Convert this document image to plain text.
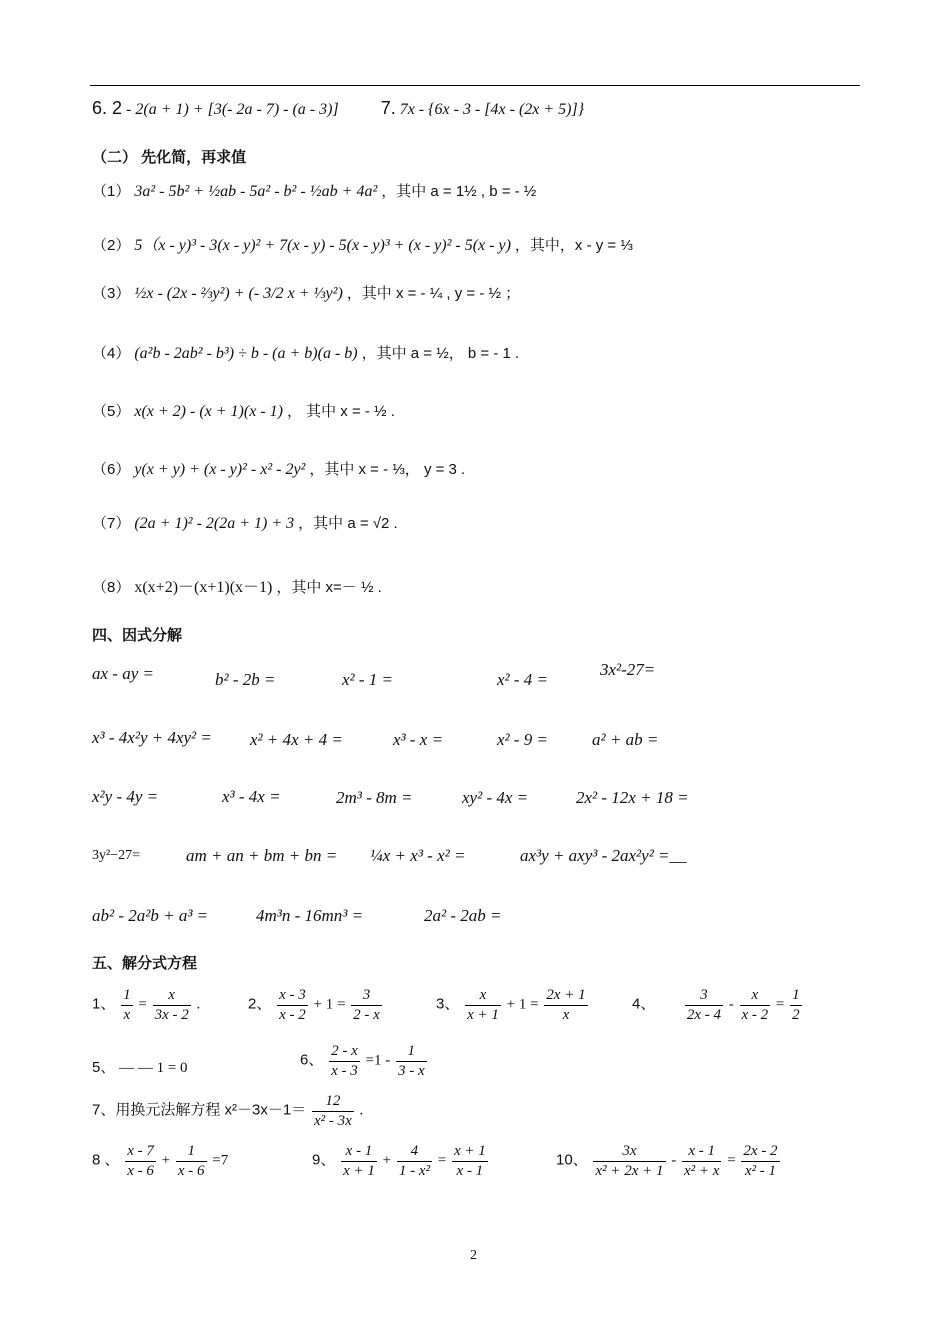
6. 2 - 2(a + 1) + [3(- 2a - 7) - (a - 3)] 7. 7x - {6x - 3 - [4x - (2x + 5)]}
（二） 先化简，再求值
（1） 3a² - 5b² + ½ab - 5a² - b² - ½ab + 4a² ，其中 a = 1½ , b = - ½
（2） 5（x - y)³ - 3(x - y)² + 7(x - y) - 5(x - y)³ + (x - y)² - 5(x - y) ，其中，x - y = ⅓
（3） ½x - (2x - ⅔y²) + (- 3/2 x + ⅓y²) ，其中 x = - ¼ , y = - ½ ；
（4） (a²b - 2ab² - b³) ÷ b - (a + b)(a - b) ，其中 a = ½， b = - 1 .
（5） x(x + 2) - (x + 1)(x - 1) ， 其中 x = - ½ .
（6） y(x + y) + (x - y)² - x² - 2y² ，其中 x = - ⅓， y = 3 .
（7） (2a + 1)² - 2(2a + 1) + 3 ，其中 a = √2 .
（8） x(x+2)－(x+1)(x－1) ，其中 x=－ ½ .
四、因式分解
ax - ay =	b² - 2b =	x² - 1 =	x² - 4 =
3x²-27=
x³ - 4x²y + 4xy² = x² + 4x + 4 =	x³ - x =	x² - 9 =	a² + ab =
x²y - 4y =	x³ - 4x =	2m³ - 8m =	xy² - 4x =	2x² - 12x + 18 =
3y²−27=	am + an + bm + bn = ¼x + x³ - x² =	ax³y + axy³ - 2ax²y² =__
ab² - 2a²b + a³ =	4m³n - 16mn³ =	2a² - 2ab =
五、解分式方程
1、 $\frac{1}{x} = \frac{x}{3x - 2}$ .	2、 $\frac{x - 3}{x - 2} + 1 = \frac{3}{2 - x}$	3、 $\frac{x}{x + 1} + 1 = \frac{2x + 1}{x}$	4、 $\frac{3}{2x - 4} - \frac{x}{x - 2} = \frac{1}{2}$
5、 — — 1 = 0	6、 $\frac{2 - x}{x - 3} =1 - \frac{1}{3 - x}$
7、用换元法解方程 $x^2-3x-1= \frac{12}{\text{x² - 3x}}$ .
8 、 $\frac{x - 7}{x - 6} + \frac{1}{x - 6} =7$	9、 $\frac{x - 1}{x + 1} + \frac{4}{\text{1 - x²}} = \frac{x + 1}{x - 1}$	10、 $\frac{3x}{\text{x² + 2x + 1}} - \frac{x - 1}{\text{x² + x}} = \frac{2x - 2}{\text{x² - 1}}$
2
